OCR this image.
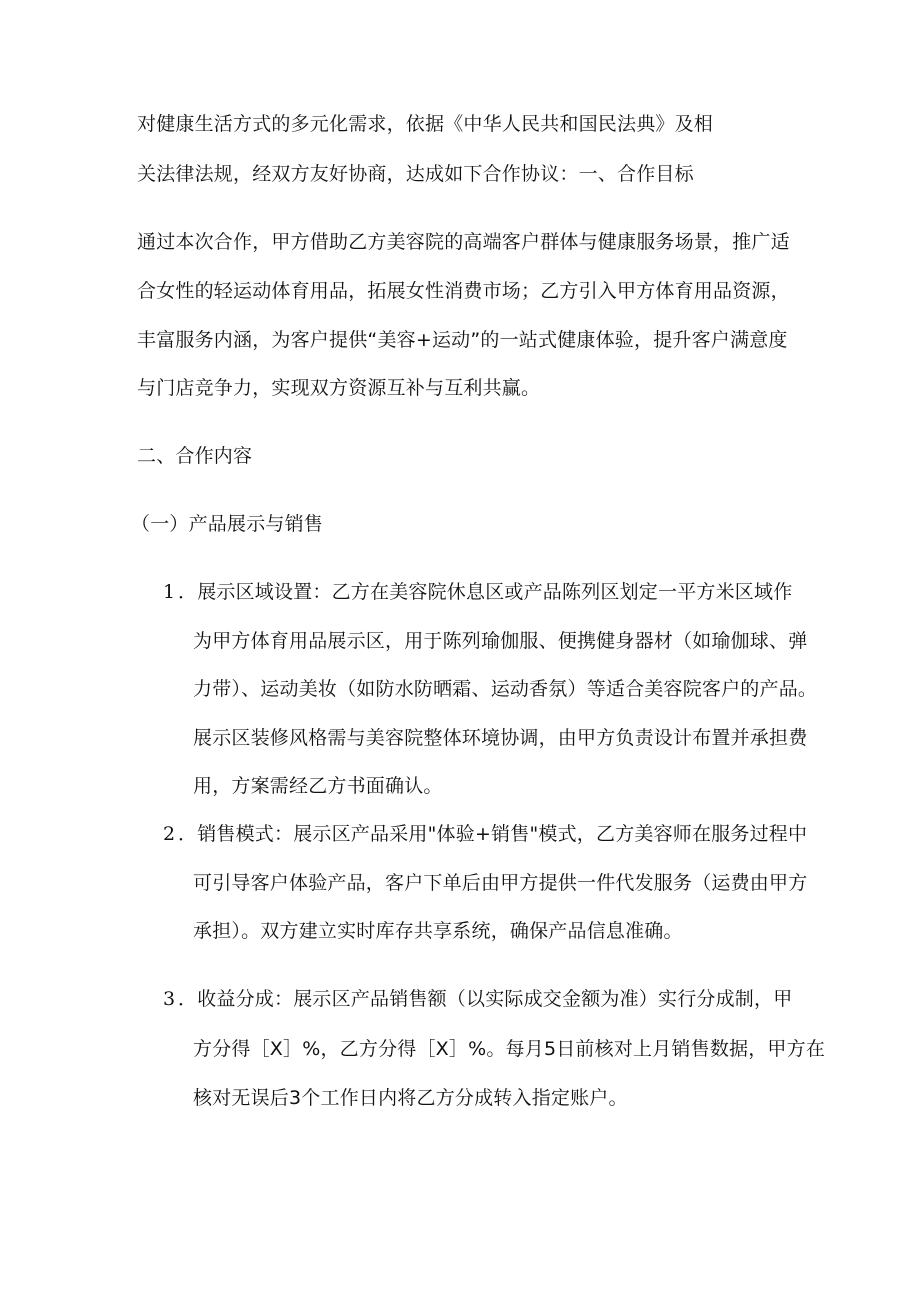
对健康生活方式的多元化需求，依据《中华人民共和国民法典》及相
关法律法规，经双方友好协商，达成如下合作协议：一、合作目标
通过本次合作，甲方借助乙方美容院的高端客户群体与健康服务场景，推广适
合女性的轻运动体育用品，拓展女性消费市场；乙方引入甲方体育用品资源，
丰富服务内涵，为客户提供“美容+运动”的一站式健康体验，提升客户满意度
与门店竞争力，实现双方资源互补与互利共赢。
二、合作内容
（一）产品展示与销售
1 ．展示区域设置：乙方在美容院休息区或产品陈列区划定一平方米区域作
为甲方体育用品展示区，用于陈列瑜伽服、便携健身器材（如瑜伽球、弹
力带）、运动美妆（如防水防晒霜、运动香氛）等适合美容院客户的产品。
展示区装修风格需与美容院整体环境协调，由甲方负责设计布置并承担费
用，方案需经乙方书面确认。
2 ．销售模式：展示区产品采用"体验+销售"模式，乙方美容师在服务过程中
可引导客户体验产品，客户下单后由甲方提供一件代发服务（运费由甲方
承担）。双方建立实时库存共享系统，确保产品信息准确。
3 ．收益分成：展示区产品销售额（以实际成交金额为准）实行分成制，甲
方分得［X］%，乙方分得［X］%。每月5日前核对上月销售数据，甲方在
核对无误后3个工作日内将乙方分成转入指定账户。
